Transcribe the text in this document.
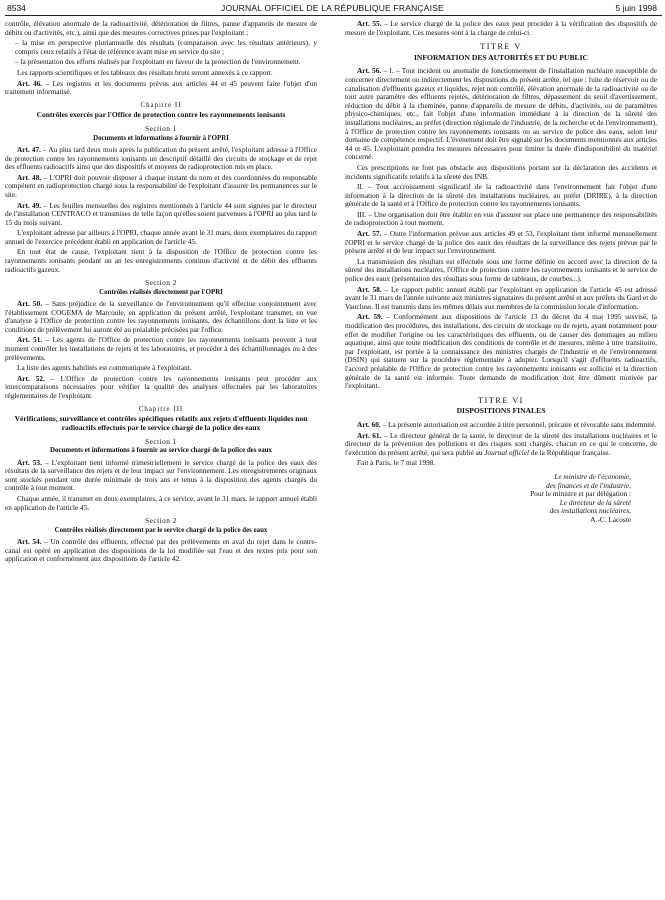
8534	JOURNAL OFFICIEL DE LA RÉPUBLIQUE FRANÇAISE	5 juin 1998

contrôle, élévation anormale de la radioactivité, détérioration de filtres, panne d'appareils de mesure de débits ou d'activités, etc.), ainsi que des mesures correctives prises par l'exploitant ;

– la mise en perspective pluriannuelle des résultats (comparaison avec les résultats antérieurs), y compris ceux relatifs à l'état de référence avant mise en service du site ;

– la présentation des efforts réalisés par l'exploitant en faveur de la protection de l'environnement.

Les rapports scientifiques et les tableaux des résultats bruts seront annexés à ce rapport.

Art. 46. – Les registres et les documents prévus aux articles 44 et 45 peuvent faire l'objet d'un traitement informatisé.

Chapitre II
Contrôles exercés par l'Office de protection contre les rayonnements ionisants
Section 1
Documents et informations à fournir à l'OPRI

Art. 47. – Au plus tard deux mois après la publication du présent arrêté, l'exploitant adresse à l'Office de protection contre les rayonnements ionisants un descriptif détaillé des circuits de stockage et de rejet des effluents radioactifs ainsi que des dispositifs et moyens de radioprotection mis en place.

Art. 48. – L'OPRI doit pouvoir disposer à chaque instant du nom et des coordonnées du responsable compétent en radioprotection chargé sous la responsabilité de l'exploitant d'assurer les permanences sur le site.

Art. 49. – Les feuilles mensuelles des registres mentionnés à l'article 44 sont signées par le directeur de l'installation CENTRACO et transmises de telle façon qu'elles soient parvenues à l'OPRI au plus tard le 15 du mois suivant.

L'exploitant adresse par ailleurs à l'OPRI, chaque année avant le 31 mars, deux exemplaires du rapport annuel de l'exercice précédent établi en application de l'article 45.

En tout état de cause, l'exploitant tient à la disposition de l'Office de protection contre les rayonnements ionisants pendant un an les enregistrements continus d'activité et de débit des effluents radioactifs gazeux.

Section 2
Contrôles réalisés directement par l'OPRI

Art. 50. – Sans préjudice de la surveillance de l'environnement qu'il effectue conjointement avec l'établissement COGEMA de Marcoule, en application du présent arrêté, l'exploitant transmet, en vue d'analyse à l'Office de protection contre les rayonnements ionisants, des échantillons dont la liste et les conditions de prélèvement lui auront été au préalable précisées par l'office.

Art. 51. – Les agents de l'Office de protection contre les rayonnements ionisants peuvent à tout moment contrôler les installations de rejets et les laboratoires, et procéder à des échantillonnages ou à des prélèvements.

La liste des agents habilités est communiquée à l'exploitant.

Art. 52. – L'Office de protection contre les rayonnements ionisants peut procéder aux intercomparaisons nécessaires pour vérifier la qualité des analyses effectuées par les laboratoires réglementaires de l'exploitant.

Chapitre III
Vérifications, surveillance et contrôles spécifiques relatifs aux rejets d'effluents liquides non radioactifs effectués par le service chargé de la police des eaux
Section 1
Documents et informations à fournir au service chargé de la police des eaux

Art. 53. – L'exploitant tient informé trimestriellement le service chargé de la police des eaux des résultats de la surveillance des rejets et de leur impact sur l'environnement. Les enregistrements originaux sont stockés pendant une durée minimale de trois ans et tenus à la disposition des agents chargés du contrôle à tout moment.

Chaque année, il transmet en deux exemplaires, à ce service, avant le 31 mars, le rapport annuel établi en application de l'article 45.

Section 2
Contrôles réalisés directement par le service chargé de la police des eaux

Art. 54. – Un contrôle des effluents, effectué par des prélèvements en aval du rejet dans le contre-canal est opéré en application des dispositions de la loi modifiée sur l'eau et des textes pris pour son application et conformément aux dispositions de l'article 42.

Art. 55. – Le service chargé de la police des eaux peut procéder à la vérification des dispositifs de mesure de l'exploitant. Ces mesures sont à la charge de celui-ci.

TITRE V
INFORMATION DES AUTORITÉS ET DU PUBLIC

Art. 56. – I. – Tout incident ou anomalie de fonctionnement de l'installation nucléaire susceptible de concerner directement ou indirectement les dispositions du présent arrêté, tel que : fuite de réservoir ou de canalisation d'effluents gazeux et liquides, rejet non contrôlé, élévation anormale de la radioactivité ou de tout autre paramètre des effluents rejetés, détérioration de filtres, dépassement du seuil d'avertissement, réduction du débit à la cheminée, panne d'appareils de mesure de débits, d'activités, ou de paramètres physico-chimiques, etc., fait l'objet d'une information immédiate à la direction de la sûreté des installations nucléaires, au préfet (direction régionale de l'industrie, de la recherche et de l'environnement), à l'Office de protection contre les rayonnements ionisants ou au service de police des eaux, selon leur domaine de compétence respectif. L'événement doit être signalé sur les documents mentionnés aux articles 44 et 45. L'exploitant prendra les mesures nécessaires pour limiter la durée d'indisponibilité du matériel concerné.

Ces prescriptions ne font pas obstacle aux dispositions portant sur la déclaration des accidents et incidents significatifs relatifs à la sûreté des INB.

II. – Tout accroissement significatif de la radioactivité dans l'environnement fait l'objet d'une information à la direction de la sûreté des installations nucléaires, au préfet (DRIRE), à la direction générale de la santé et à l'Office de protection contre les rayonnements ionisants.

III. – Une organisation doit être établie en vue d'assurer sur place une permanence des responsabilités de radioprotection à tout moment.

Art. 57. – Outre l'information prévue aux articles 49 et 53, l'exploitant tient informé mensuellement l'OPRI et le service chargé de la police des eaux des résultats de la surveillance des rejets prévue par le présent arrêté et de leur impact sur l'environnement.

La transmission des résultats est effectuée sous une forme définie en accord avec la direction de la sûreté des installations nucléaires, l'Office de protection contre les rayonnements ionisants et le service de police des eaux (présentation des résultats sous forme de tableaux, de courbes...).

Art. 58. – Le rapport public annuel établi par l'exploitant en application de l'article 45 est adressé avant le 31 mars de l'année suivante aux ministres signataires du présent arrêté et aux préfets du Gard et de Vaucluse. Il est transmis dans les mêmes délais aux membres de la commission locale d'information.

Art. 59. – Conformément aux dispositions de l'article 13 du décret du 4 mai 1995 susvisé, la modification des procédures, des installations, des circuits de stockage ou de rejets, ayant notamment pour effet de modifier l'origine ou les caractéristiques des effluents, ou de causer des dommages au milieu aquatique, ainsi que toute modification des conditions de contrôle et de mesures, même à titre transitoire, par l'exploitant, est portée à la connaissance des ministres chargés de l'industrie et de l'environnement (DSIN) qui statuent sur la procédure réglementaire à adopter. Lorsqu'il s'agit d'effluents radioactifs, l'accord préalable de l'Office de protection contre les rayonnements ionisants est sollicité et la direction générale de la santé est informée. Toute demande de modification doit être dûment motivée par l'exploitant.

TITRE VI
DISPOSITIONS FINALES

Art. 60. – La présente autorisation est accordée à titre personnel, précaire et révocable sans indemnité.

Art. 61. – Le directeur général de la santé, le directeur de la sûreté des installations nucléaires et le directeur de la prévention des pollutions et des risques sont chargés, chacun en ce qui le concerne, de l'exécution du présent arrêté, qui sera publié au Journal officiel de la République française.

Fait à Paris, le 7 mai 1998.

Le ministre de l'économie,
des finances et de l'industrie,
Pour le ministre et par délégation :
Le directeur de la sûreté
des installations nucléaires,
A.-C. Lacoste
